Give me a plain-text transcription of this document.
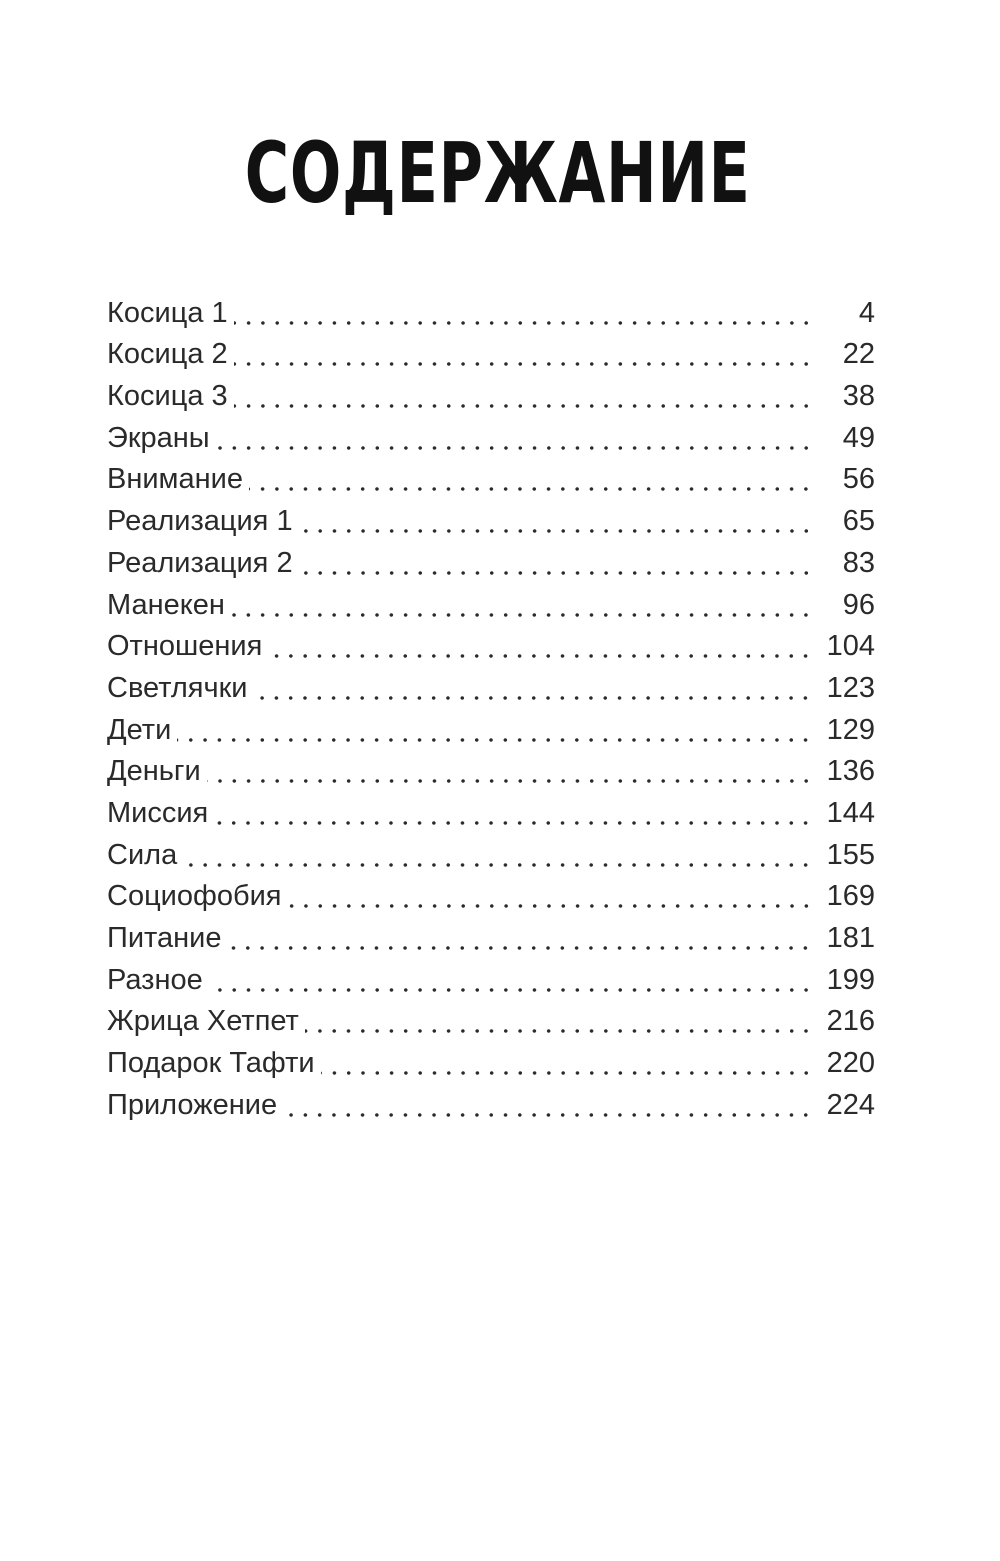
СОДЕРЖАНИЕ
Косица 1	4
Косица 2	22
Косица 3	38
Экраны	49
Внимание	56
Реализация 1	65
Реализация 2	83
Манекен	96
Отношения	104
Светлячки	123
Дети	129
Деньги	136
Миссия	144
Сила	155
Социофобия	169
Питание	181
Разное	199
Жрица Хетпет	216
Подарок Тафти	220
Приложение	224
